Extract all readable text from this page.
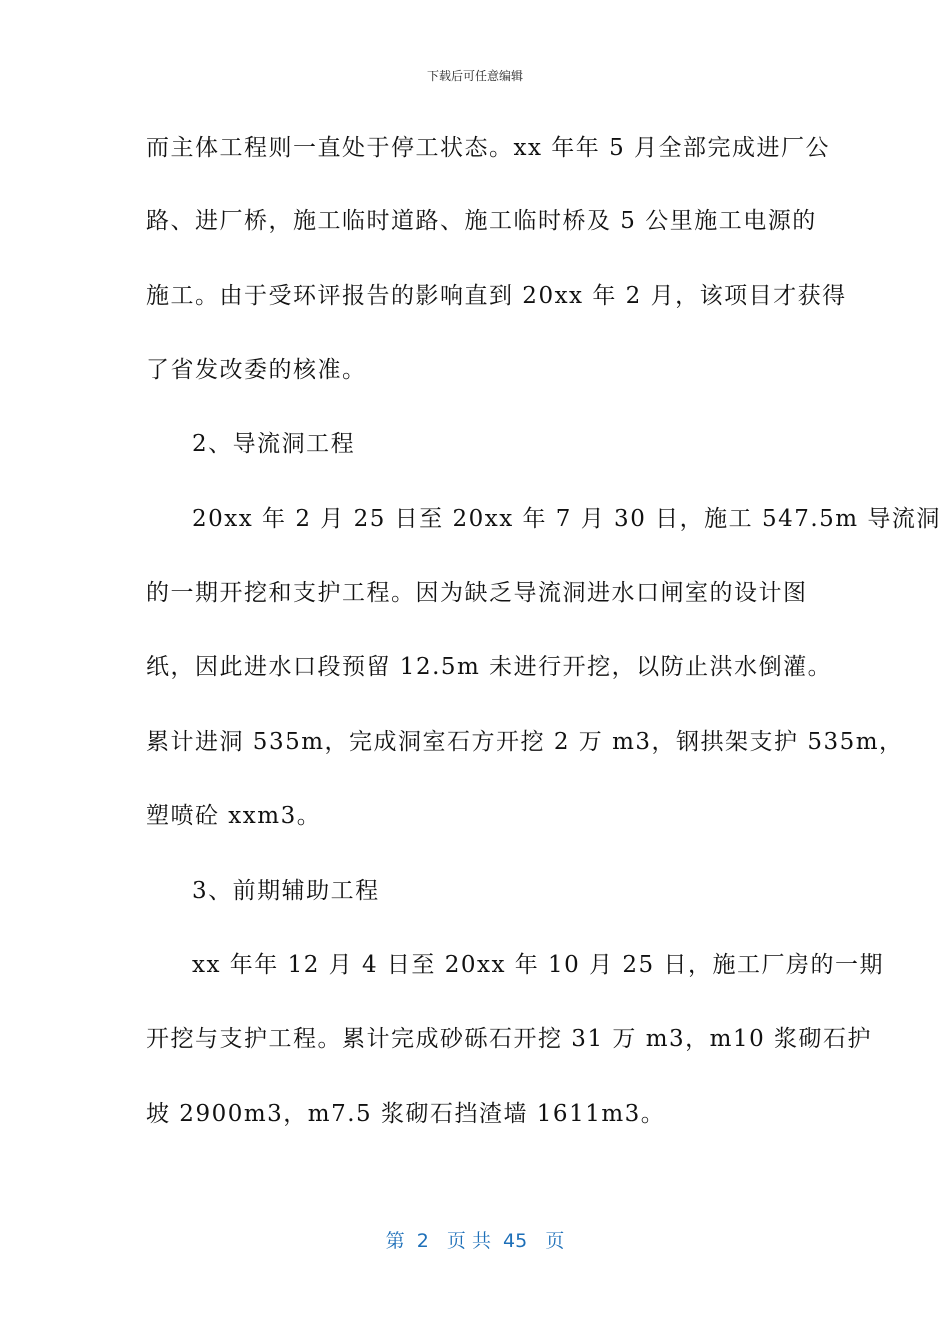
下载后可任意编辑
而主体工程则一直处于停工状态。xx 年年 5 月全部完成进厂公
路、进厂桥，施工临时道路、施工临时桥及 5 公里施工电源的
施工。由于受环评报告的影响直到 20xx 年 2 月，该项目才获得
了省发改委的核准。
2、导流洞工程
20xx 年 2 月 25 日至 20xx 年 7 月 30 日，施工 547.5m 导流洞
的一期开挖和支护工程。因为缺乏导流洞进水口闸室的设计图
纸，因此进水口段预留 12.5m 未进行开挖，以防止洪水倒灌。
累计进洞 535m，完成洞室石方开挖 2 万 m3，钢拱架支护 535m，
塑喷砼 xxm3。
3、前期辅助工程
xx 年年 12 月 4 日至 20xx 年 10 月 25 日，施工厂房的一期
开挖与支护工程。累计完成砂砾石开挖 31 万 m3，m10 浆砌石护
坡 2900m3，m7.5 浆砌石挡渣墙 1611m3。
第  2   页 共  45   页
